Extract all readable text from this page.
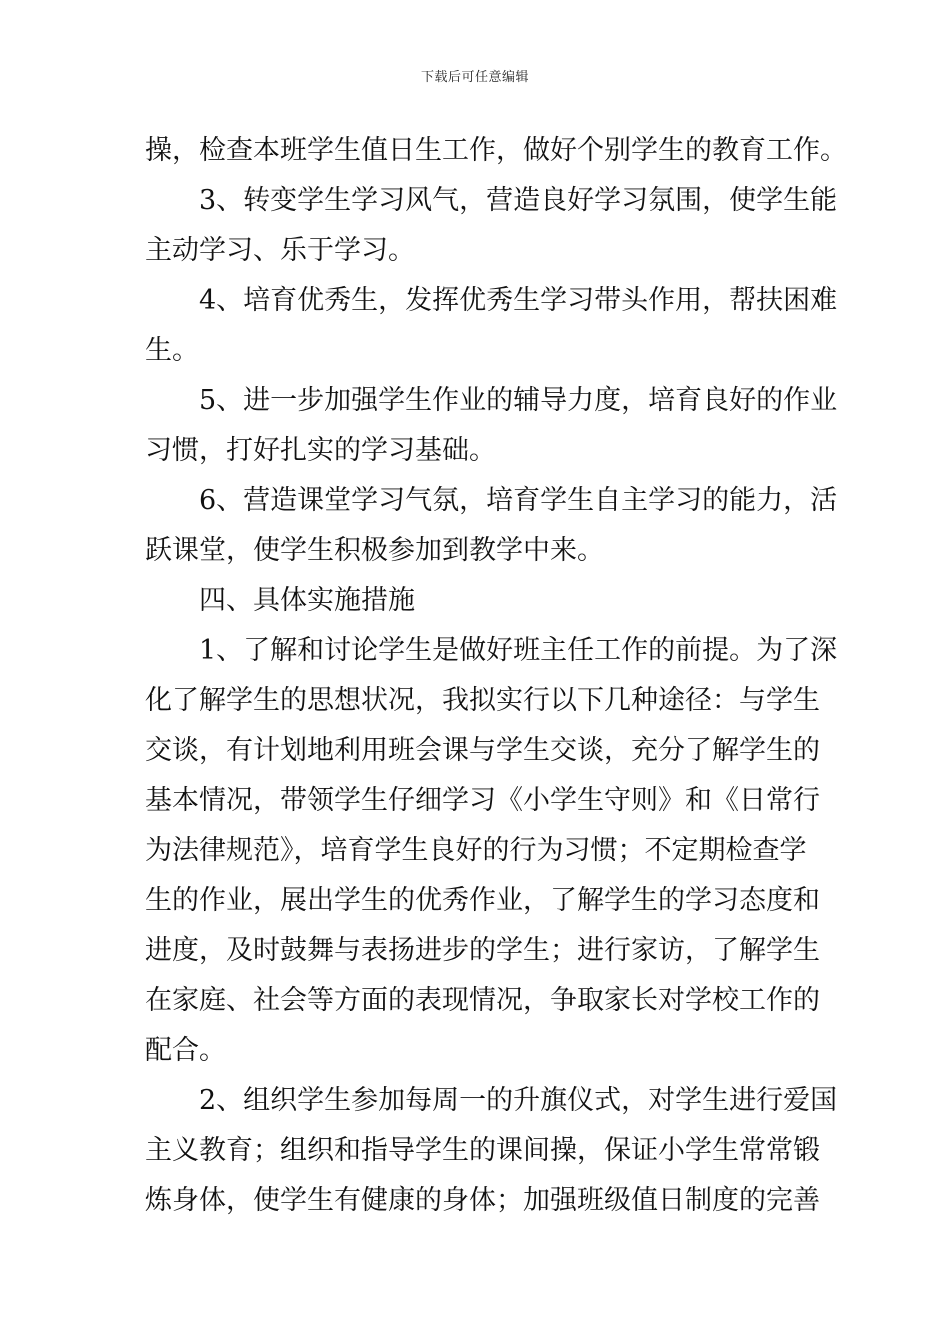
下载后可任意编辑
操，检查本班学生值日生工作，做好个别学生的教育工作。
3、转变学生学习风气，营造良好学习氛围，使学生能
主动学习、乐于学习。
4、培育优秀生，发挥优秀生学习带头作用，帮扶困难
生。
5、进一步加强学生作业的辅导力度，培育良好的作业
习惯，打好扎实的学习基础。
6、营造课堂学习气氛，培育学生自主学习的能力，活
跃课堂，使学生积极参加到教学中来。
四、具体实施措施
1、了解和讨论学生是做好班主任工作的前提。为了深
化了解学生的思想状况，我拟实行以下几种途径：与学生
交谈，有计划地利用班会课与学生交谈，充分了解学生的
基本情况，带领学生仔细学习《小学生守则》和《日常行
为法律规范》，培育学生良好的行为习惯；不定期检查学
生的作业，展出学生的优秀作业，了解学生的学习态度和
进度，及时鼓舞与表扬进步的学生；进行家访，了解学生
在家庭、社会等方面的表现情况，争取家长对学校工作的
配合。
2、组织学生参加每周一的升旗仪式，对学生进行爱国
主义教育；组织和指导学生的课间操，保证小学生常常锻
炼身体，使学生有健康的身体；加强班级值日制度的完善
